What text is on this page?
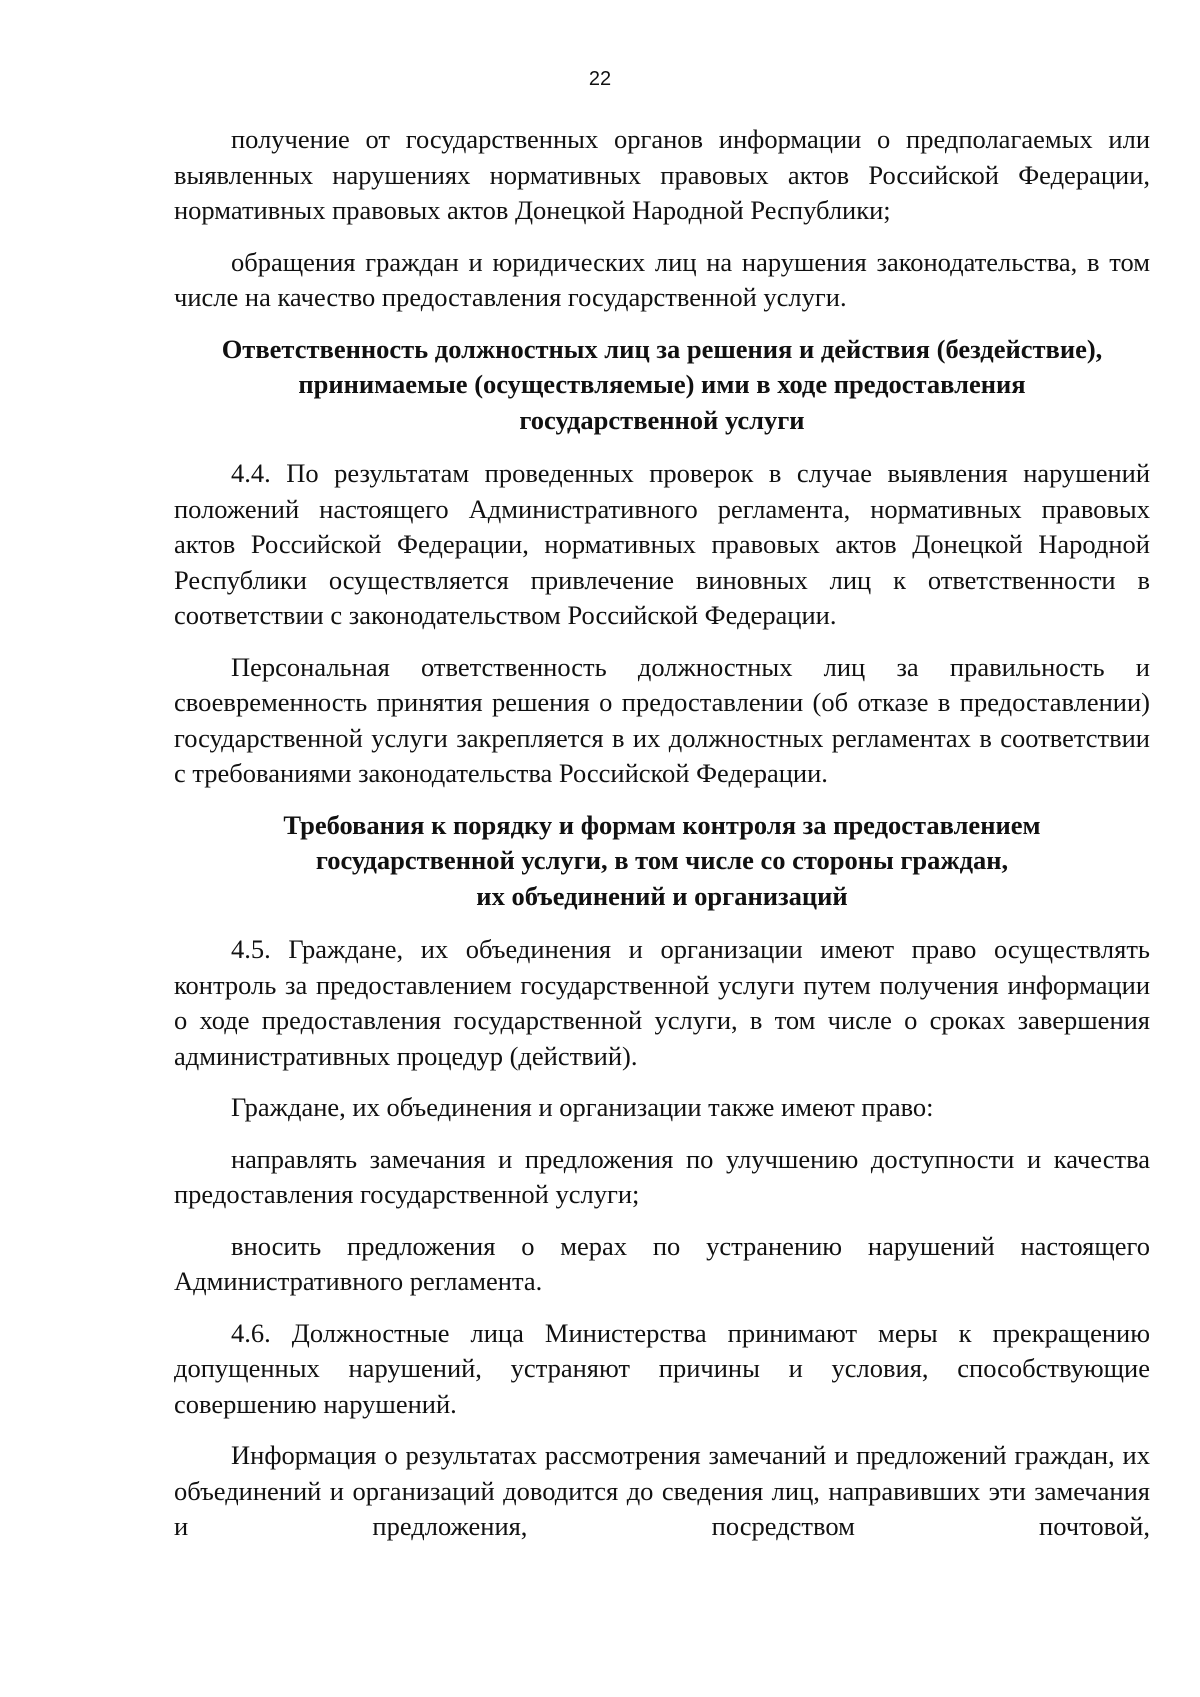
22

получение от государственных органов информации о предполагаемых или выявленных нарушениях нормативных правовых актов Российской Федерации, нормативных правовых актов Донецкой Народной Республики;

обращения граждан и юридических лиц на нарушения законодательства, в том числе на качество предоставления государственной услуги.

Ответственность должностных лиц за решения и действия (бездействие),
принимаемые (осуществляемые) ими в ходе предоставления
государственной услуги

4.4. По результатам проведенных проверок в случае выявления нарушений положений настоящего Административного регламента, нормативных правовых актов Российской Федерации, нормативных правовых актов Донецкой Народной Республики осуществляется привлечение виновных лиц к ответственности в соответствии с законодательством Российской Федерации.

Персональная ответственность должностных лиц за правильность и своевременность принятия решения о предоставлении (об отказе в предоставлении) государственной услуги закрепляется в их должностных регламентах в соответствии с требованиями законодательства Российской Федерации.

Требования к порядку и формам контроля за предоставлением
государственной услуги, в том числе со стороны граждан,
их объединений и организаций

4.5. Граждане, их объединения и организации имеют право осуществлять контроль за предоставлением государственной услуги путем получения информации о ходе предоставления государственной услуги, в том числе о сроках завершения административных процедур (действий).

Граждане, их объединения и организации также имеют право:

направлять замечания и предложения по улучшению доступности и качества предоставления государственной услуги;

вносить предложения о мерах по устранению нарушений настоящего Административного регламента.

4.6. Должностные лица Министерства принимают меры к прекращению допущенных нарушений, устраняют причины и условия, способствующие совершению нарушений.

Информация о результатах рассмотрения замечаний и предложений граждан, их объединений и организаций доводится до сведения лиц, направивших эти замечания и предложения, посредством почтовой,
